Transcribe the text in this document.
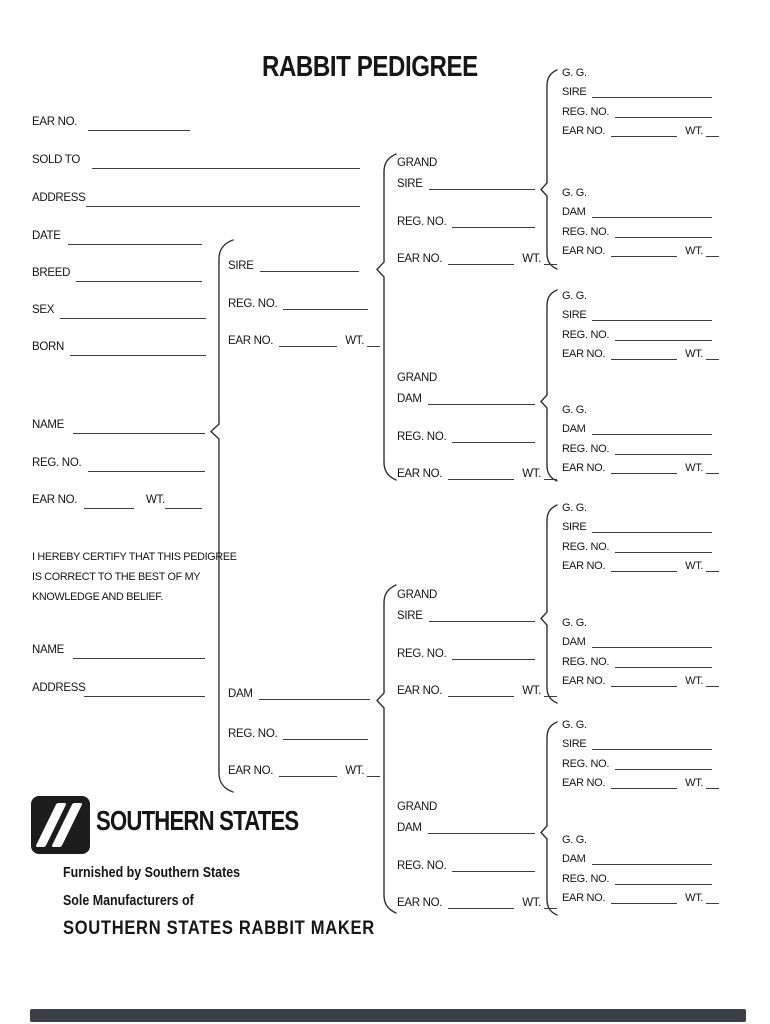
RABBIT PEDIGREE
EAR NO.
SOLD TO
ADDRESS
DATE
BREED
SEX
BORN
NAME
REG. NO.
EAR NO.	WT.
I HEREBY CERTIFY THAT THIS PEDIGREE
IS CORRECT TO THE BEST OF MY
KNOWLEDGE AND BELIEF.
NAME
ADDRESS
SIRE
REG. NO.
EAR NO.	WT.
DAM
REG. NO.
EAR NO.	WT.
GRAND
SIRE
REG. NO.
EAR NO.	WT.
GRAND
DAM
REG. NO.
EAR NO.	WT.
GRAND
SIRE
REG. NO.
EAR NO.	WT.
GRAND
DAM
REG. NO.
EAR NO.	WT.
G. G.
SIRE
REG. NO.
EAR NO.	WT.
G. G.
DAM
REG. NO.
EAR NO.	WT.
G. G.
SIRE
REG. NO.
EAR NO.	WT.
G. G.
DAM
REG. NO.
EAR NO.	WT.
G. G.
SIRE
REG. NO.
EAR NO.	WT.
G. G.
DAM
REG. NO.
EAR NO.	WT.
G. G.
SIRE
REG. NO.
EAR NO.	WT.
G. G.
DAM
REG. NO.
EAR NO.	WT.
SOUTHERN STATES
Furnished by Southern States
Sole Manufacturers of
SOUTHERN STATES RABBIT MAKER
